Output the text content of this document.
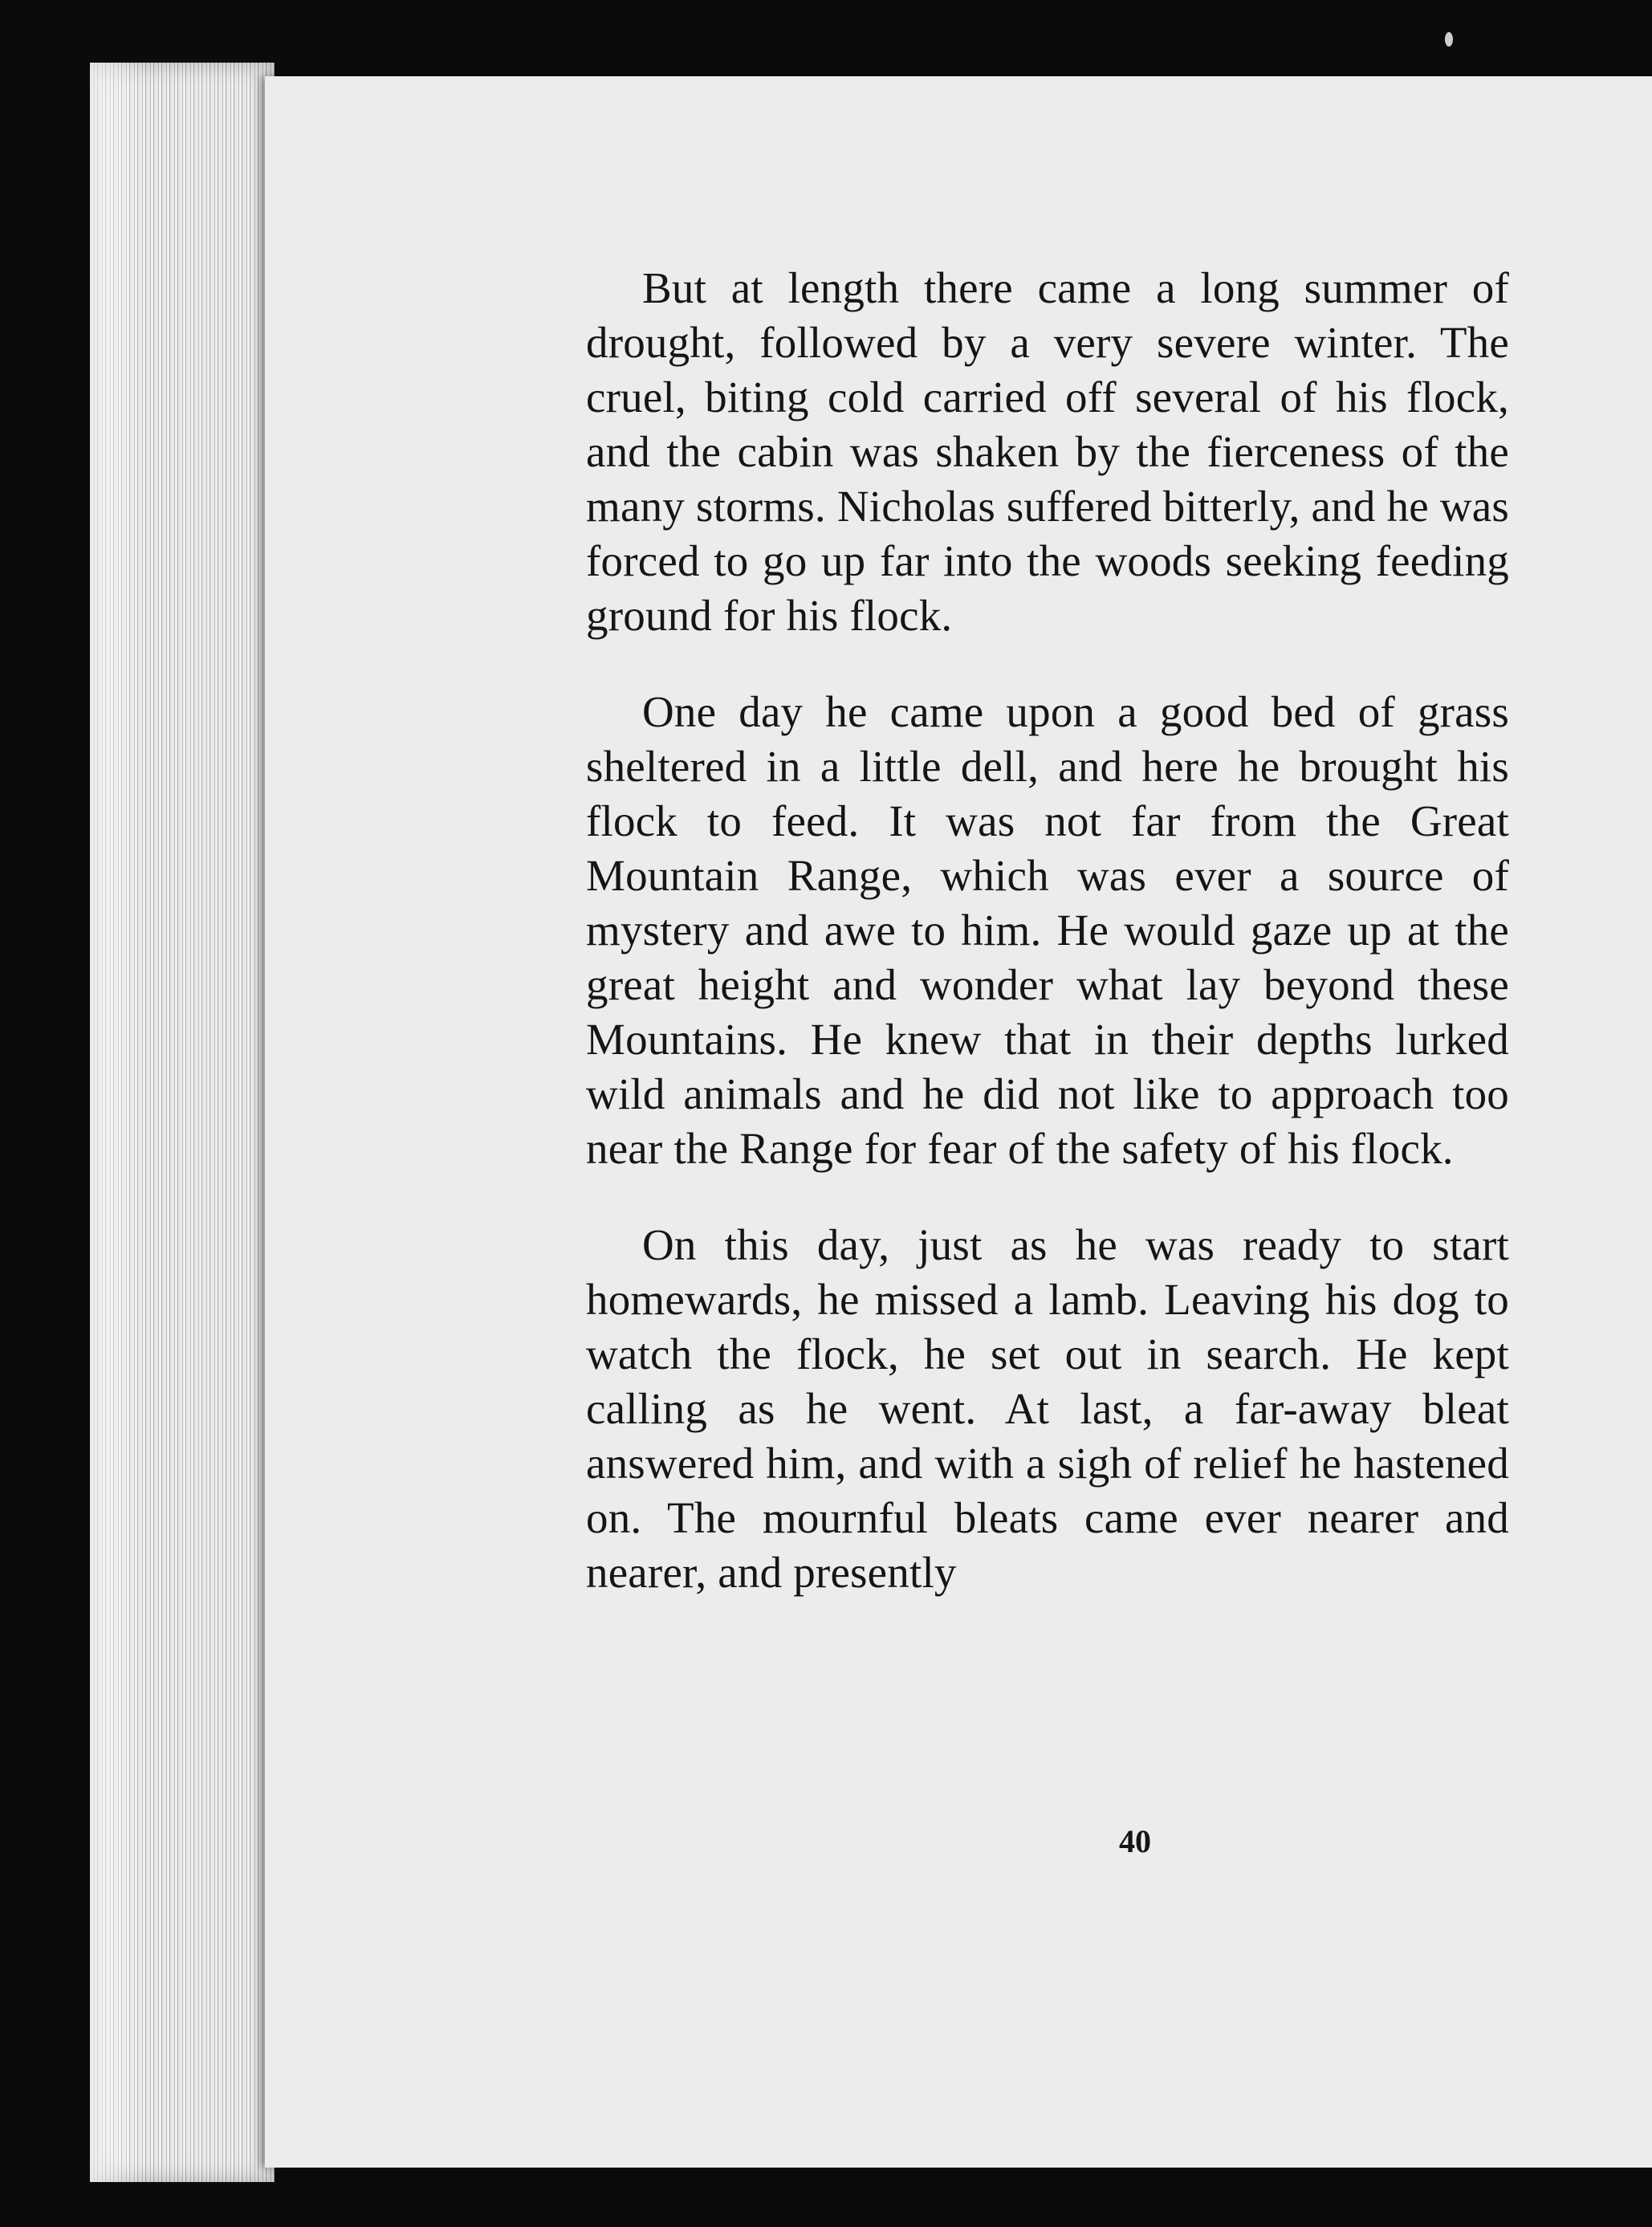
But at length there came a long summer of drought, followed by a very severe winter. The cruel, biting cold carried off several of his flock, and the cabin was shaken by the fierceness of the many storms. Nicholas suffered bitterly, and he was forced to go up far into the woods seeking feeding ground for his flock.

One day he came upon a good bed of grass sheltered in a little dell, and here he brought his flock to feed. It was not far from the Great Mountain Range, which was ever a source of mystery and awe to him. He would gaze up at the great height and wonder what lay beyond these Mountains. He knew that in their depths lurked wild animals and he did not like to approach too near the Range for fear of the safety of his flock.

On this day, just as he was ready to start homewards, he missed a lamb. Leaving his dog to watch the flock, he set out in search. He kept calling as he went. At last, a far-away bleat answered him, and with a sigh of relief he hastened on. The mournful bleats came ever nearer and nearer, and presently

40
